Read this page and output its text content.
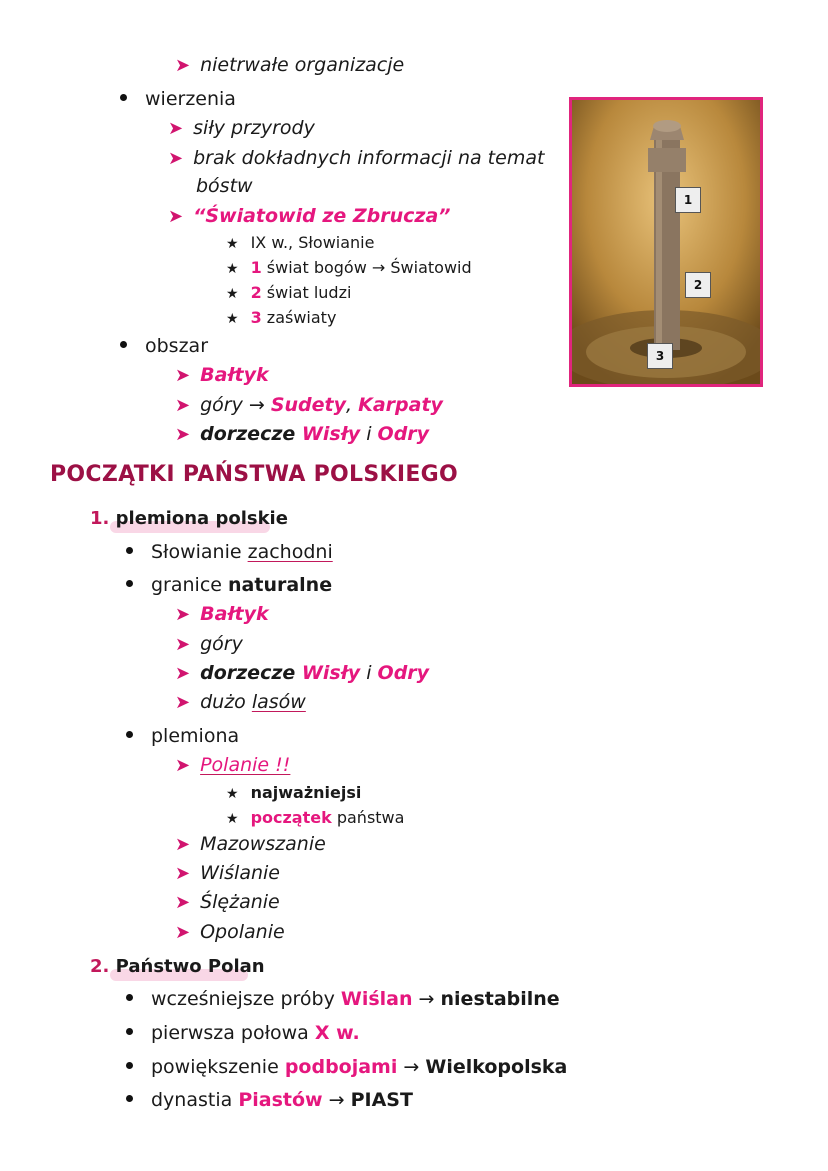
➤ nietrwałe organizacje
wierzenia
➤ siły przyrody
➤ brak dokładnych informacji na temat
bóstw
➤ “Światowid ze Zbrucza”
★ IX w., Słowianie
★ 1 świat bogów → Światowid
★ 2 świat ludzi
★ 3 zaświaty
obszar
➤ Bałtyk
➤ góry → Sudety, Karpaty
➤ dorzecze Wisły i Odry
1
2
3
POCZĄTKI PAŃSTWA POLSKIEGO
1. plemiona polskie
Słowianie zachodni
granice naturalne
➤ Bałtyk
➤ góry
➤ dorzecze Wisły i Odry
➤ dużo lasów
plemiona
➤ Polanie !!
★ najważniejsi
★ początek państwa
➤ Mazowszanie
➤ Wiślanie
➤ Ślężanie
➤ Opolanie
2. Państwo Polan
wcześniejsze próby Wiślan → niestabilne
pierwsza połowa X w.
powiększenie podbojami → Wielkopolska
dynastia Piastów → PIAST
